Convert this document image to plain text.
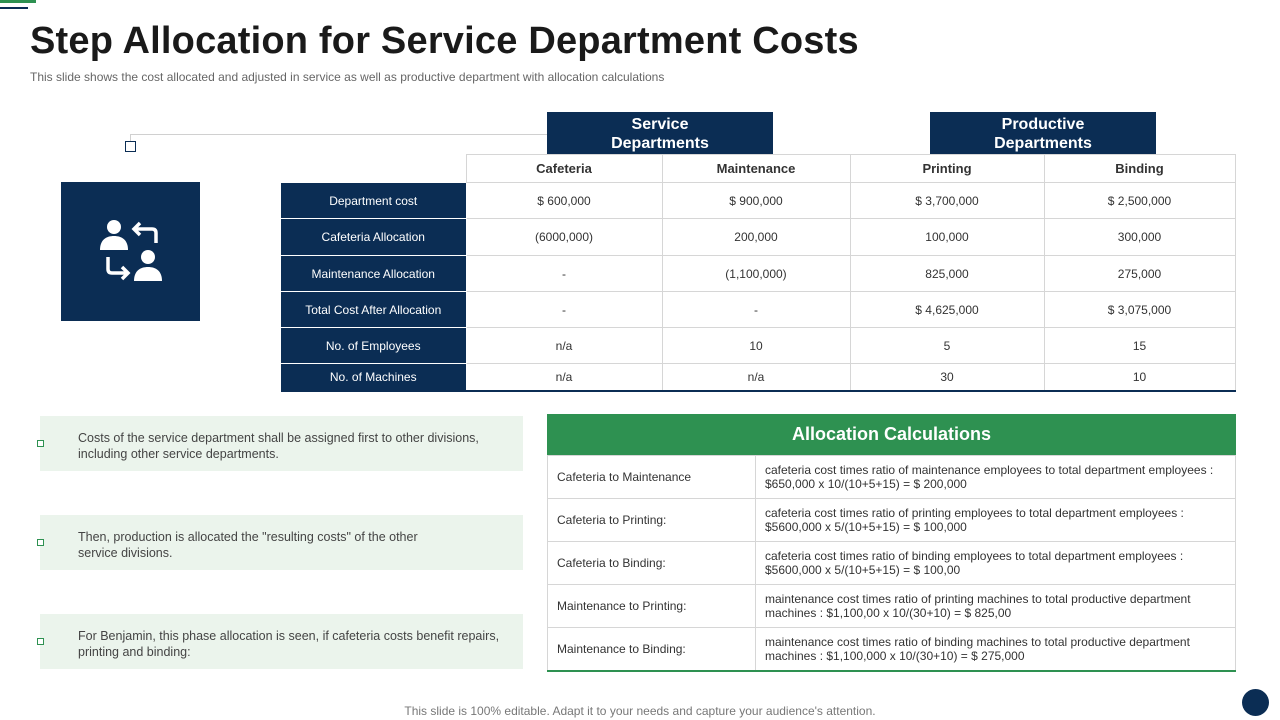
Step Allocation for Service Department Costs
This slide shows the cost allocated and adjusted in service as well as productive department with allocation calculations
Service
Departments
Productive
Departments
	Cafeteria	Maintenance	Printing	Binding
Department cost	$ 600,000	$ 900,000	$ 3,700,000	$ 2,500,000
Cafeteria Allocation	(6000,000)	200,000	100,000	300,000
Maintenance Allocation	-	(1,100,000)	825,000	275,000
Total Cost After Allocation	-	-	$ 4,625,000	$ 3,075,000
No. of Employees	n/a	10	5	15
No. of Machines	n/a	n/a	30	10
Costs of the service department shall be assigned first to other divisions, including other service departments.
Then, production is allocated the "resulting costs" of the other service divisions.
For Benjamin, this phase allocation is seen, if cafeteria costs benefit repairs, printing and binding:
Allocation Calculations
Cafeteria to Maintenance	cafeteria cost times ratio of maintenance employees to total department employees :
$650,000 x 10/(10+5+15) = $ 200,000

Cafeteria to Printing:	cafeteria cost times ratio of printing employees to total department employees :
$5600,000 x 5/(10+5+15) = $ 100,000

Cafeteria to Binding:	cafeteria cost times ratio of binding employees to total department employees :
$5600,000 x 5/(10+5+15) = $ 100,00

Maintenance to Printing:	maintenance cost times ratio of printing machines to total productive department
machines : $1,100,00 x 10/(30+10) = $ 825,00

Maintenance to Binding:	maintenance cost times ratio of binding machines to total productive department
machines : $1,100,000 x 10/(30+10) = $ 275,000
This slide is 100% editable. Adapt it to your needs and capture your audience's attention.
